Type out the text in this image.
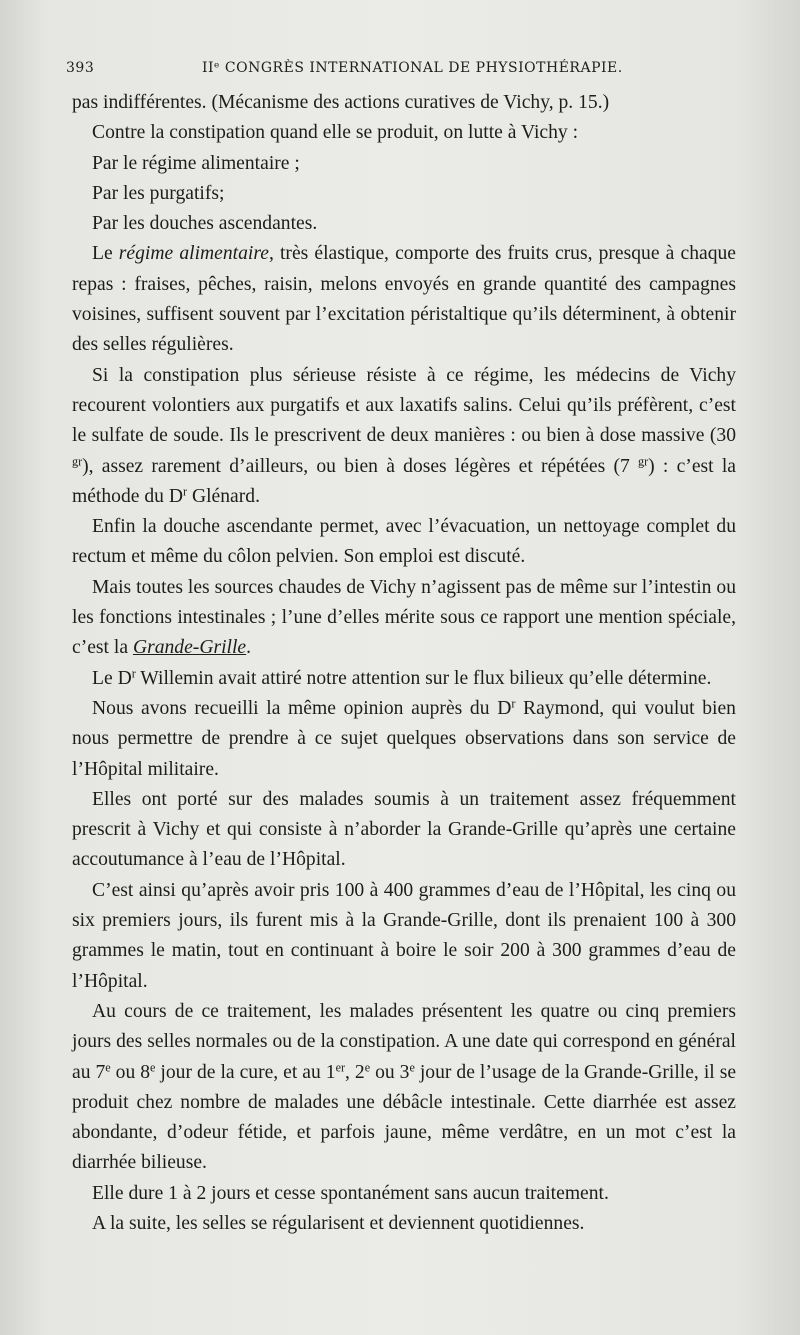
393	IIᵉ CONGRÈS INTERNATIONAL DE PHYSIOTHÉRAPIE.

pas indifférentes. (Mécanisme des actions curatives de Vichy, p. 15.)

Contre la constipation quand elle se produit, on lutte à Vichy :

Par le régime alimentaire ;

Par les purgatifs;

Par les douches ascendantes.

Le régime alimentaire, très élastique, comporte des fruits crus, presque à chaque repas : fraises, pêches, raisin, melons envoyés en grande quantité des campagnes voisines, suffisent souvent par l’excitation péristaltique qu’ils déterminent, à obtenir des selles régulières.

Si la constipation plus sérieuse résiste à ce régime, les médecins de Vichy recourent volontiers aux purgatifs et aux laxatifs salins. Celui qu’ils préfèrent, c’est le sulfate de soude. Ils le prescrivent de deux manières : ou bien à dose massive (30 $^{gr}$), assez rarement d’ailleurs, ou bien à doses légères et répétées (7 $^{gr}$) : c’est la méthode du $D^r$ Glénard.

Enfin la douche ascendante permet, avec l’évacuation, un nettoyage complet du rectum et même du côlon pelvien. Son emploi est discuté.

Mais toutes les sources chaudes de Vichy n’agissent pas de même sur l’intestin ou les fonctions intestinales ; l’une d’elles mérite sous ce rapport une mention spéciale, c’est la Grande-Grille.

Le $D^r$ Willemin avait attiré notre attention sur le flux bilieux qu’elle détermine.

Nous avons recueilli la même opinion auprès du $D^r$ Raymond, qui voulut bien nous permettre de prendre à ce sujet quelques observations dans son service de l’Hôpital militaire.

Elles ont porté sur des malades soumis à un traitement assez fréquemment prescrit à Vichy et qui consiste à n’aborder la Grande-Grille qu’après une certaine accoutumance à l’eau de l’Hôpital.

C’est ainsi qu’après avoir pris 100 à 400 grammes d’eau de l’Hôpital, les cinq ou six premiers jours, ils furent mis à la Grande-Grille, dont ils prenaient 100 à 300 grammes le matin, tout en continuant à boire le soir 200 à 300 grammes d’eau de l’Hôpital.

Au cours de ce traitement, les malades présentent les quatre ou cinq premiers jours des selles normales ou de la constipation. A une date qui correspond en général au 7e ou 8e jour de la cure, et au 1er, 2e ou 3e jour de l’usage de la Grande-Grille, il se produit chez nombre de malades une débâcle intestinale. Cette diarrhée est assez abondante, d’odeur fétide, et parfois jaune, même verdâtre, en un mot c’est la diarrhée bilieuse.

Elle dure 1 à 2 jours et cesse spontanément sans aucun traitement.

A la suite, les selles se régularisent et deviennent quotidiennes.
